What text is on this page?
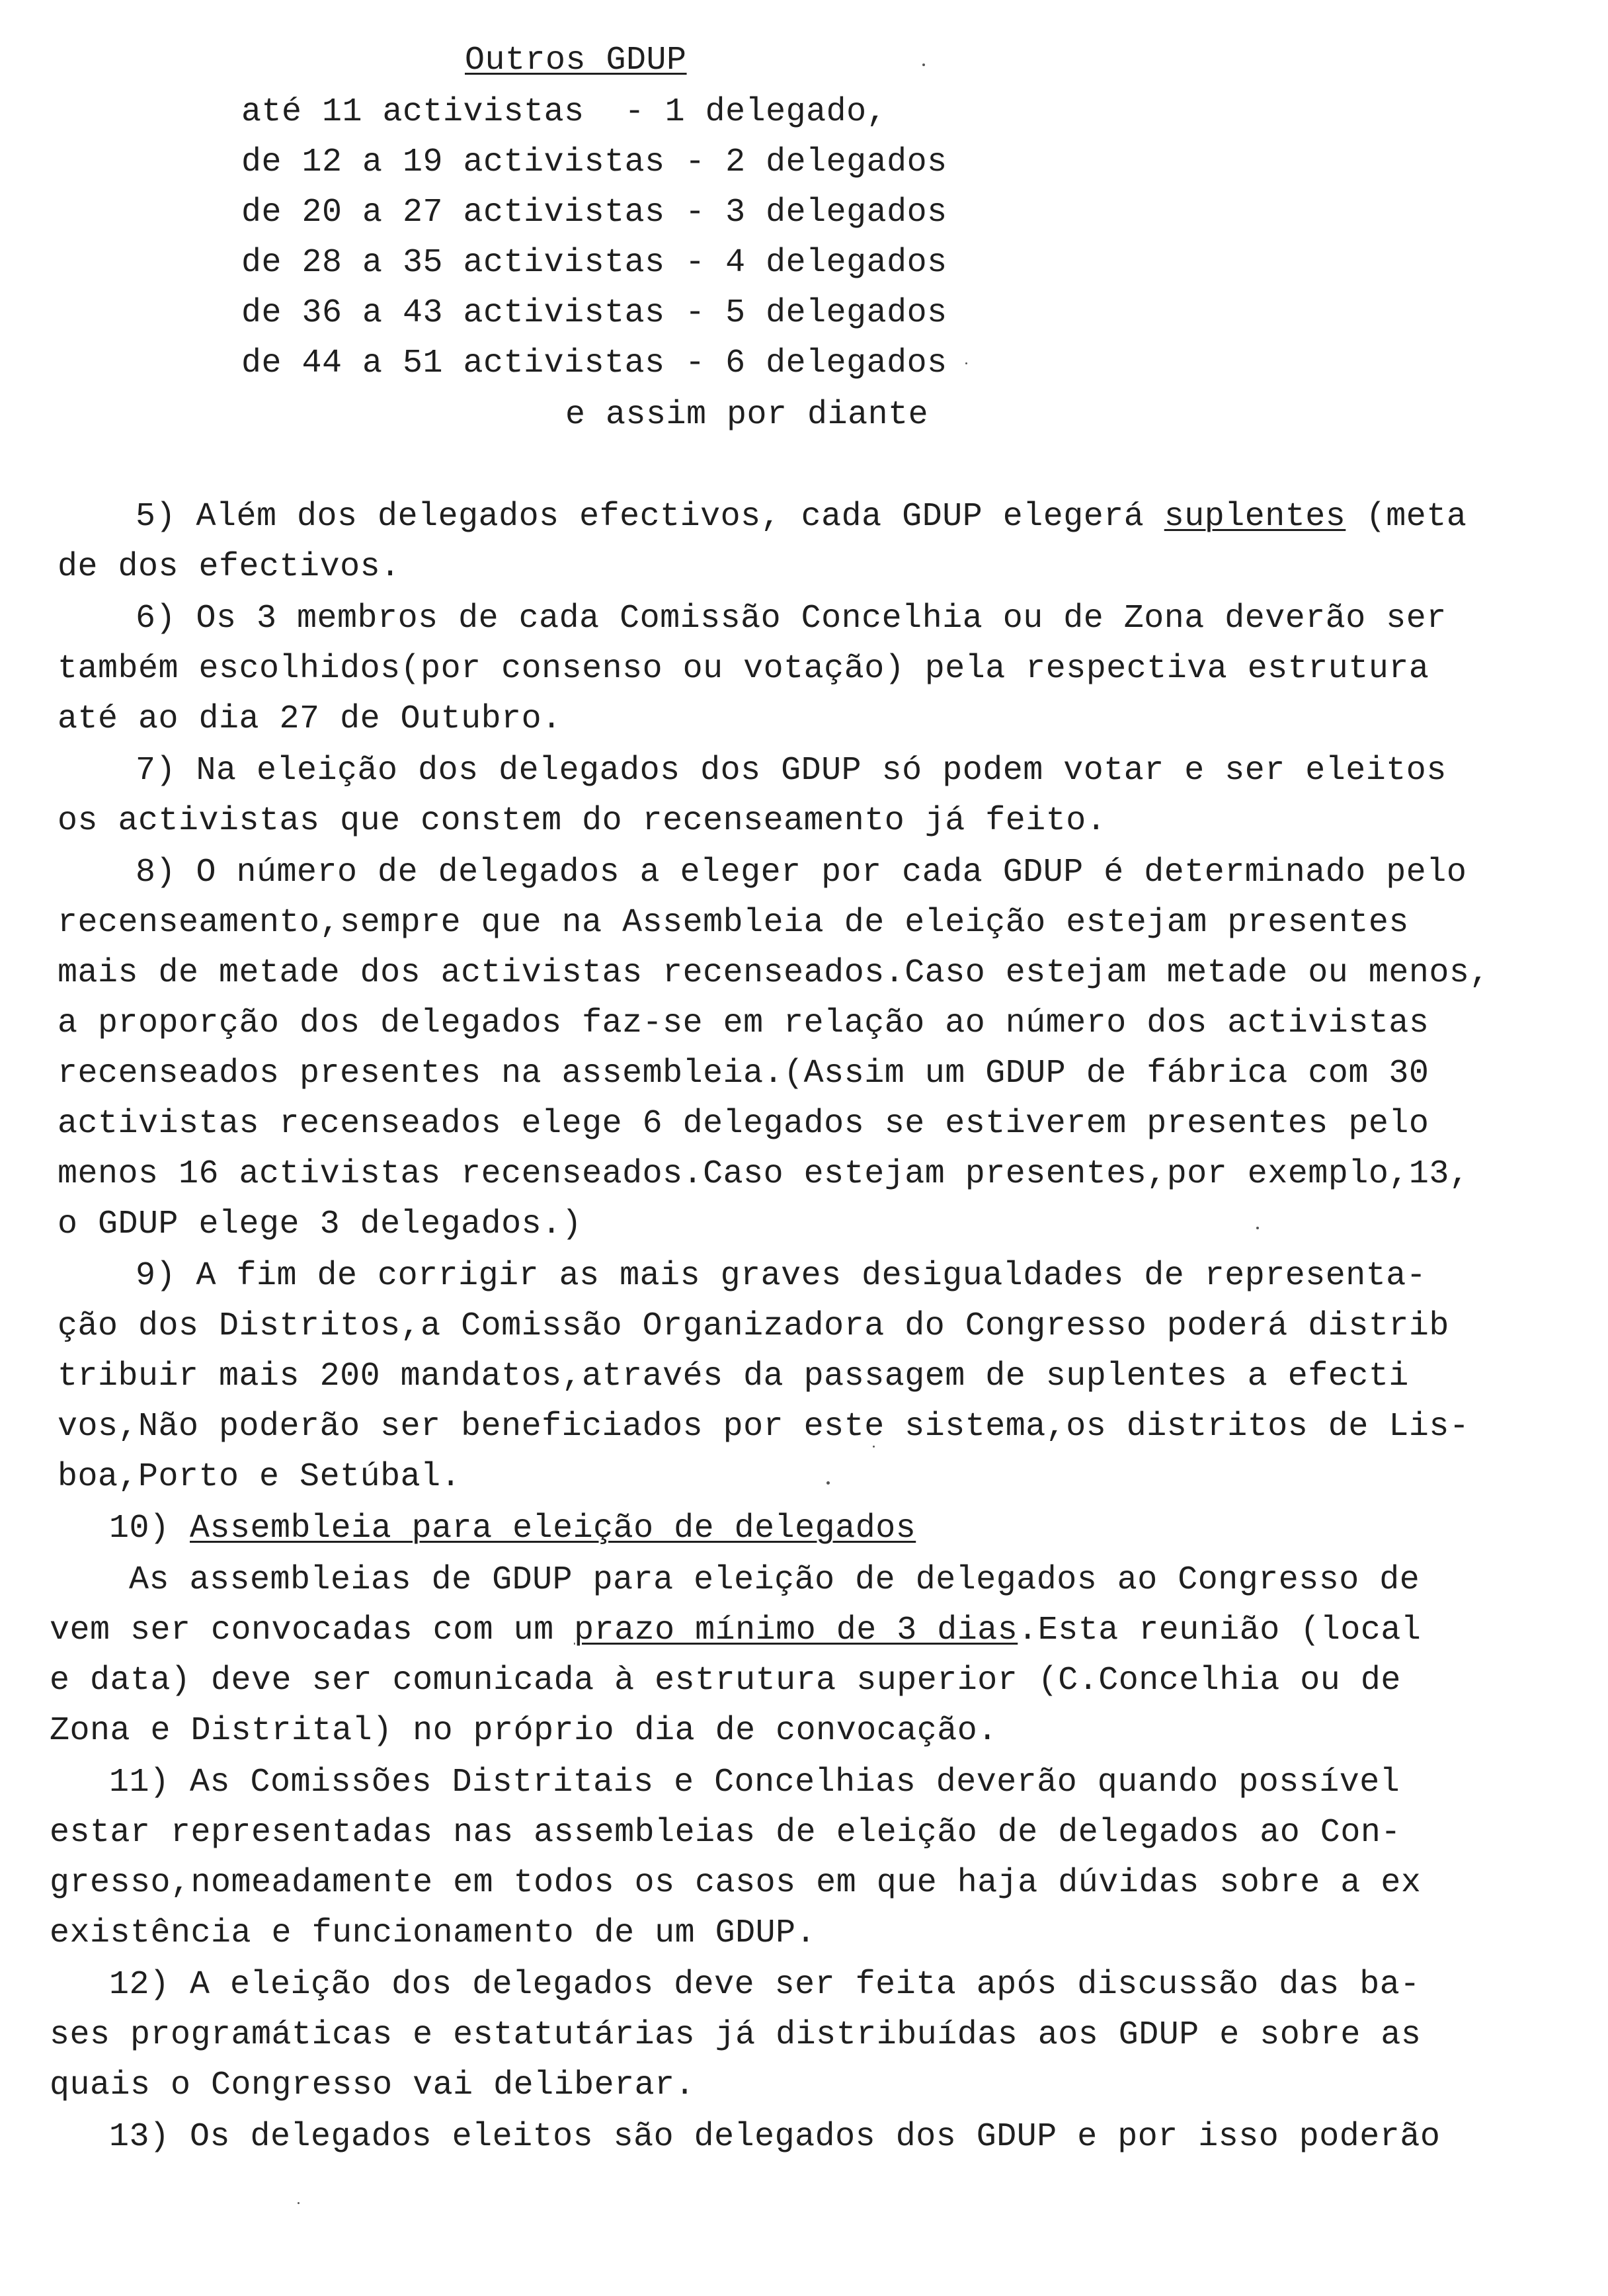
Outros GDUP
até 11 activistas  - 1 delegado,
de 12 a 19 activistas - 2 delegados
de 20 a 27 activistas - 3 delegados
de 28 a 35 activistas - 4 delegados
de 36 a 43 activistas - 5 delegados
de 44 a 51 activistas - 6 delegados
e assim por diante
5) Além dos delegados efectivos, cada GDUP elegerá suplentes (meta
de dos efectivos.
6) Os 3 membros de cada Comissão Concelhia ou de Zona deverão ser
também escolhidos(por consenso ou votação) pela respectiva estrutura
até ao dia 27 de Outubro.
7) Na eleição dos delegados dos GDUP só podem votar e ser eleitos
os activistas que constem do recenseamento já feito.
8) O número de delegados a eleger por cada GDUP é determinado pelo
recenseamento,sempre que na Assembleia de eleição estejam presentes
mais de metade dos activistas recenseados.Caso estejam metade ou menos,
a proporção dos delegados faz-se em relação ao número dos activistas
recenseados presentes na assembleia.(Assim um GDUP de fábrica com 30
activistas recenseados elege 6 delegados se estiverem presentes pelo
menos 16 activistas recenseados.Caso estejam presentes,por exemplo,13,
o GDUP elege 3 delegados.)
9) A fim de corrigir as mais graves desigualdades de representa-
ção dos Distritos,a Comissão Organizadora do Congresso poderá distrib
tribuir mais 200 mandatos,através da passagem de suplentes a efecti
vos,Não poderão ser beneficiados por este sistema,os distritos de Lis-
boa,Porto e Setúbal.
10) Assembleia para eleição de delegados
As assembleias de GDUP para eleição de delegados ao Congresso de
vem ser convocadas com um prazo mínimo de 3 dias.Esta reunião (local
e data) deve ser comunicada à estrutura superior (C.Concelhia ou de
Zona e Distrital) no próprio dia de convocação.
11) As Comissões Distritais e Concelhias deverão quando possível
estar representadas nas assembleias de eleição de delegados ao Con-
gresso,nomeadamente em todos os casos em que haja dúvidas sobre a ex
existência e funcionamento de um GDUP.
12) A eleição dos delegados deve ser feita após discussão das ba-
ses programáticas e estatutárias já distribuídas aos GDUP e sobre as
quais o Congresso vai deliberar.
13) Os delegados eleitos são delegados dos GDUP e por isso poderão
